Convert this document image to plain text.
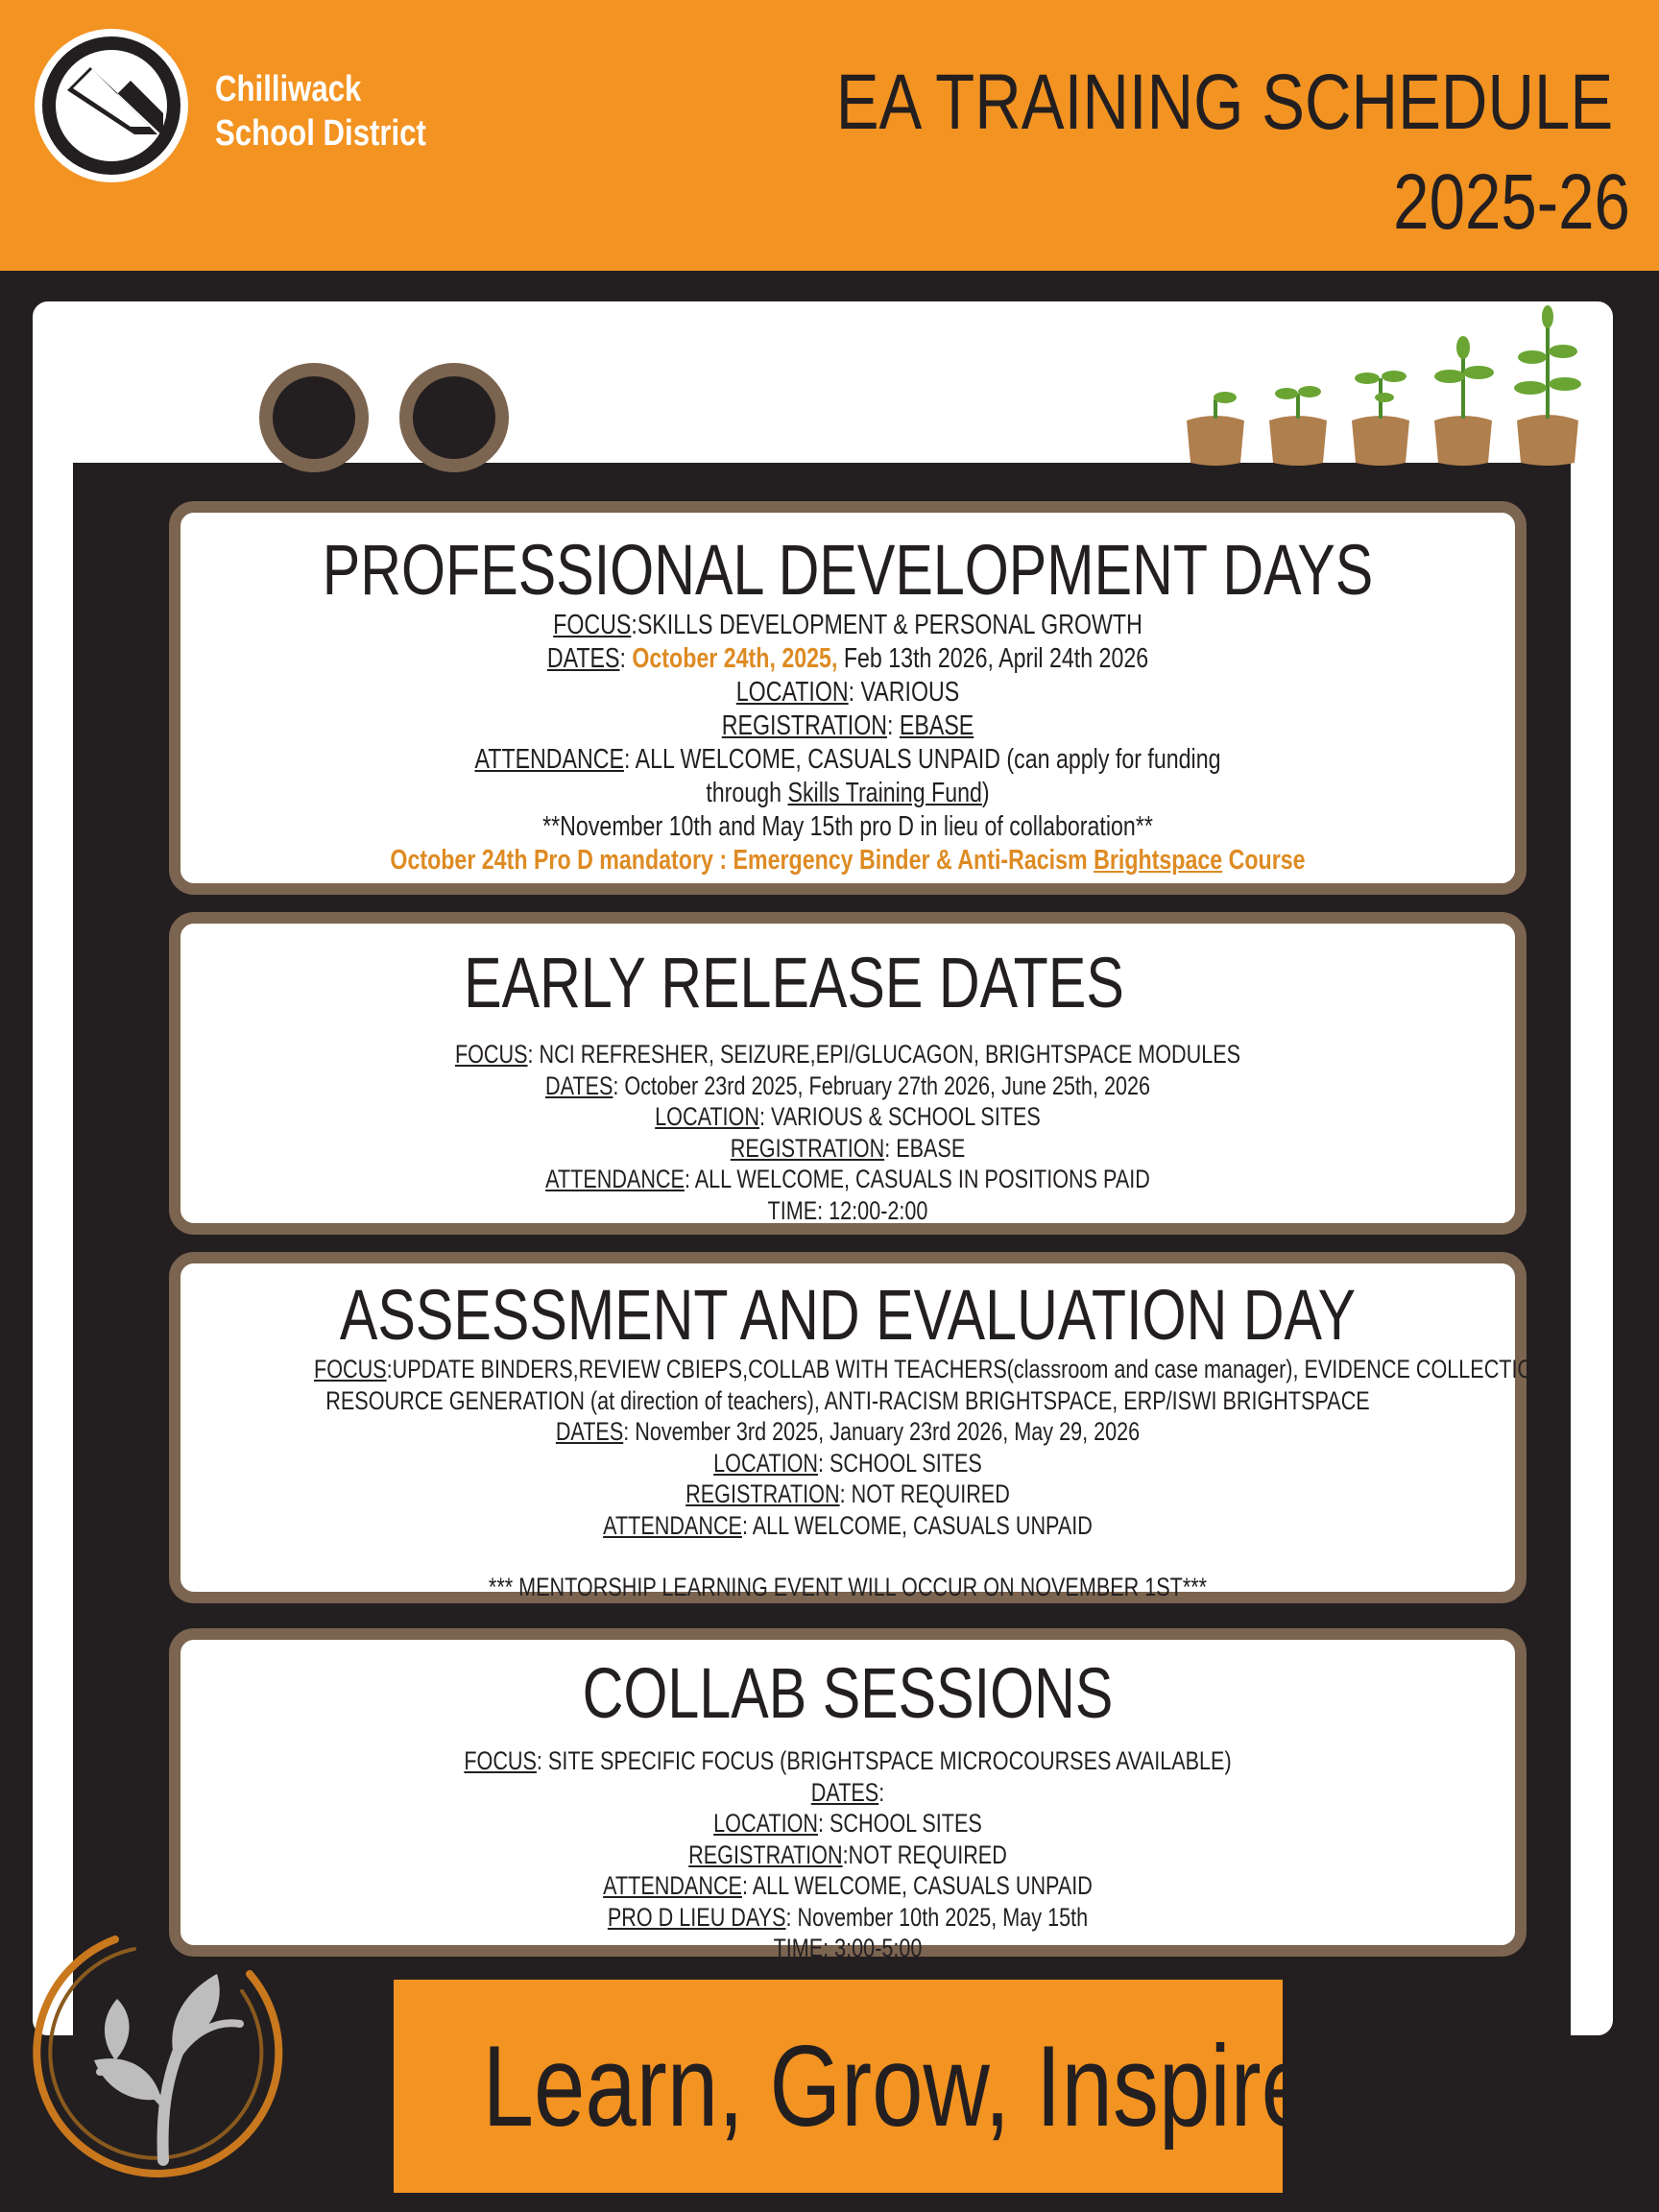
Chilliwack
School District	EA TRAINING SCHEDULE
2025-26
PROFESSIONAL DEVELOPMENT DAYS
FOCUS:SKILLS DEVELOPMENT & PERSONAL GROWTH
DATES: October 24th, 2025, Feb 13th 2026, April 24th 2026
LOCATION: VARIOUS
REGISTRATION: EBASE
ATTENDANCE: ALL WELCOME, CASUALS UNPAID (can apply for funding
through Skills Training Fund)
**November 10th and May 15th pro D in lieu of collaboration**
October 24th Pro D mandatory : Emergency Binder & Anti-Racism Brightspace Course
EARLY RELEASE DATES
FOCUS: NCI REFRESHER, SEIZURE,EPI/GLUCAGON, BRIGHTSPACE MODULES
DATES: October 23rd 2025, February 27th 2026, June 25th, 2026
LOCATION: VARIOUS & SCHOOL SITES
REGISTRATION: EBASE
ATTENDANCE: ALL WELCOME, CASUALS IN POSITIONS PAID
TIME: 12:00-2:00
ASSESSMENT AND EVALUATION DAY
FOCUS:UPDATE BINDERS,REVIEW CBIEPS,COLLAB WITH TEACHERS(classroom and case manager), EVIDENCE COLLECTION,
RESOURCE GENERATION (at direction of teachers), ANTI-RACISM BRIGHTSPACE, ERP/ISWI BRIGHTSPACE
DATES: November 3rd 2025, January 23rd 2026, May 29, 2026
LOCATION: SCHOOL SITES
REGISTRATION: NOT REQUIRED
ATTENDANCE: ALL WELCOME, CASUALS UNPAID
*** MENTORSHIP LEARNING EVENT WILL OCCUR ON NOVEMBER 1ST***
COLLAB SESSIONS
FOCUS: SITE SPECIFIC FOCUS (BRIGHTSPACE MICROCOURSES AVAILABLE)
DATES:
LOCATION: SCHOOL SITES
REGISTRATION:NOT REQUIRED
ATTENDANCE: ALL WELCOME, CASUALS UNPAID
PRO D LIEU DAYS: November 10th 2025, May 15th
TIME: 3:00-5:00
Learn, Grow, Inspire
